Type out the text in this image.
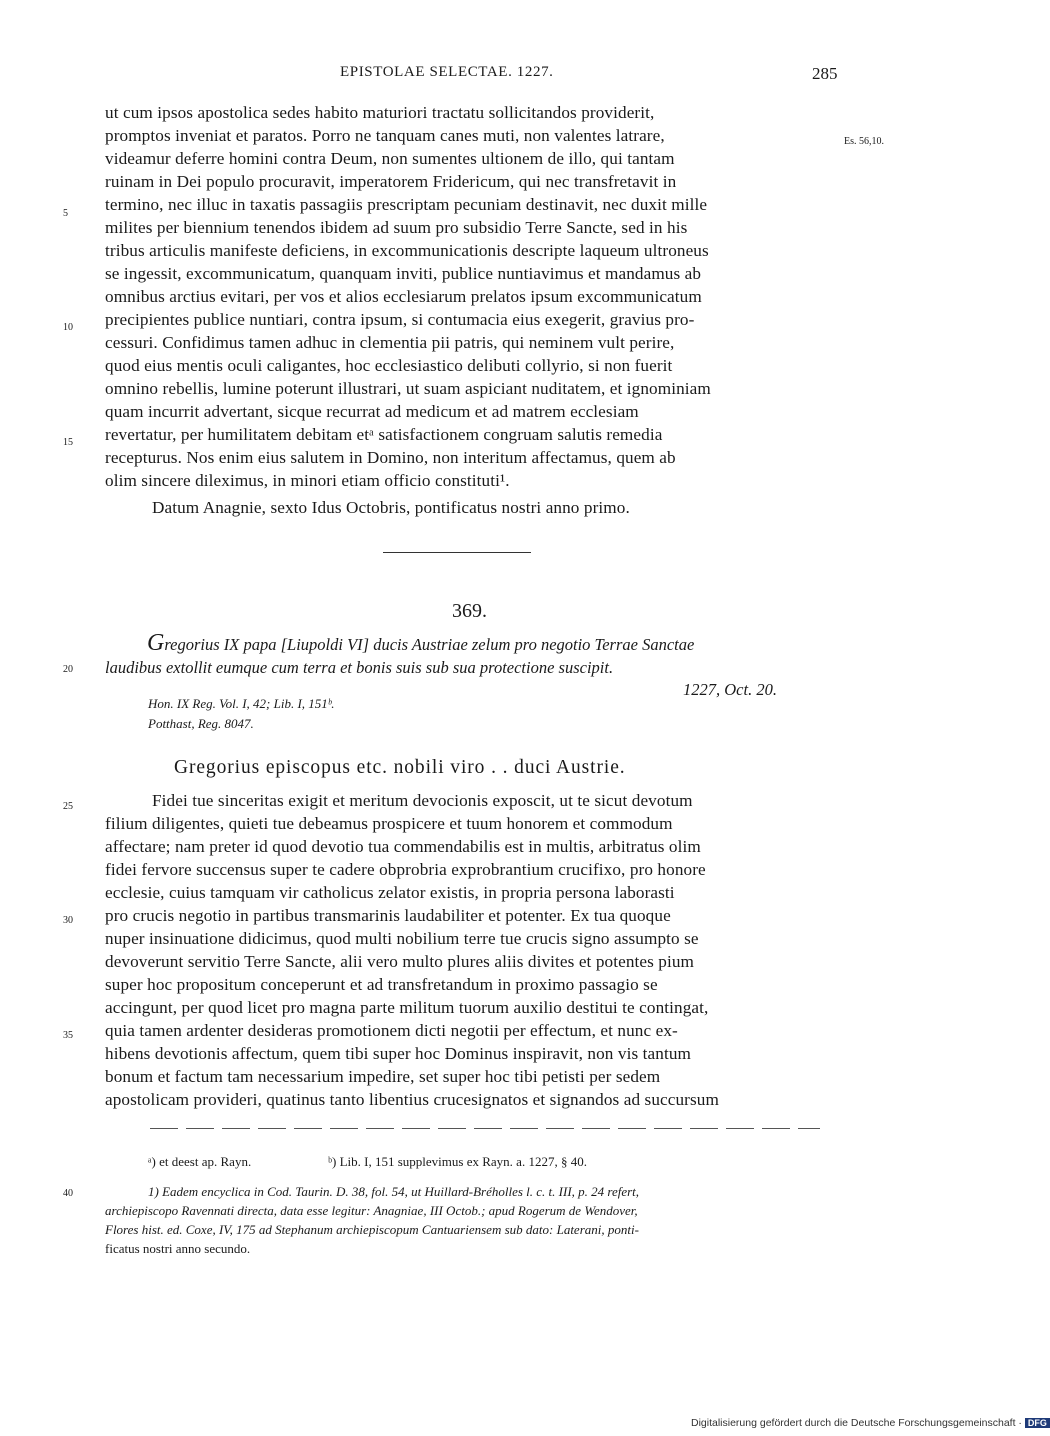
EPISTOLAE SELECTAE. 1227.	285
ut cum ipsos apostolica sedes habito maturiori tractatu sollicitandos providerit,
promptos inveniat et paratos. Porro ne tanquam canes muti, non valentes latrare,	Es. 56,10.
videamur deferre homini contra Deum, non sumentes ultionem de illo, qui tantam
ruinam in Dei populo procuravit, imperatorem Fridericum, qui nec transfretavit in
termino, nec illuc in taxatis passagiis prescriptam pecuniam destinavit, nec duxit mille
milites per biennium tenendos ibidem ad suum pro subsidio Terre Sancte, sed in his
tribus articulis manifeste deficiens, in excommunicationis descripte laqueum ultroneus
se ingessit, excommunicatum, quanquam inviti, publice nuntiavimus et mandamus ab
omnibus arctius evitari, per vos et alios ecclesiarum prelatos ipsum excommunicatum
precipientes publice nuntiari, contra ipsum, si contumacia eius exegerit, gravius pro-
cessuri. Confidimus tamen adhuc in clementia pii patris, qui neminem vult perire,
quod eius mentis oculi caligantes, hoc ecclesiastico delibuti collyrio, si non fuerit
omnino rebellis, lumine poterunt illustrari, ut suam aspiciant nuditatem, et ignominiam
quam incurrit advertant, sicque recurrat ad medicum et ad matrem ecclesiam
revertatur, per humilitatem debitam etᵃ satisfactionem congruam salutis remedia
recepturus. Nos enim eius salutem in Domino, non interitum affectamus, quem ab
olim sincere dileximus, in minori etiam officio constituti¹.
5
10
15
Datum Anagnie, sexto Idus Octobris, pontificatus nostri anno primo.
369.
Gregorius IX papa [Liupoldi VI] ducis Austriae zelum pro negotio Terrae Sanctae
laudibus extollit eumque cum terra et bonis suis sub sua protectione suscipit.
20
1227, Oct. 20.
Hon. IX Reg. Vol. I, 42; Lib. I, 151ᵇ.
Potthast, Reg. 8047.
Gregorius episcopus etc. nobili viro . . duci Austrie.
Fidei tue sinceritas exigit et meritum devocionis exposcit, ut te sicut devotum
filium diligentes, quieti tue debeamus prospicere et tuum honorem et commodum
affectare; nam preter id quod devotio tua commendabilis est in multis, arbitratus olim
fidei fervore succensus super te cadere obprobria exprobrantium crucifixo, pro honore
ecclesie, cuius tamquam vir catholicus zelator existis, in propria persona laborasti
pro crucis negotio in partibus transmarinis laudabiliter et potenter. Ex tua quoque
nuper insinuatione didicimus, quod multi nobilium terre tue crucis signo assumpto se
devoverunt servitio Terre Sancte, alii vero multo plures aliis divites et potentes pium
super hoc propositum conceperunt et ad transfretandum in proximo passagio se
accingunt, per quod licet pro magna parte militum tuorum auxilio destitui te contingat,
quia tamen ardenter desideras promotionem dicti negotii per effectum, et nunc ex-
hibens devotionis affectum, quem tibi super hoc Dominus inspiravit, non vis tantum
bonum et factum tam necessarium impedire, set super hoc tibi petisti per sedem
apostolicam provideri, quatinus tanto libentius crucesignatos et signandos ad succursum
25
30
35
ᵃ) et deest ap. Rayn.	ᵇ) Lib. I, 151 supplevimus ex Rayn. a. 1227, § 40.
40	1) Eadem encyclica in Cod. Taurin. D. 38, fol. 54, ut Huillard-Bréholles l. c. t. III, p. 24 refert,
archiepiscopo Ravennati directa, data esse legitur: Anagniae, III Octob.; apud Rogerum de Wendover,
Flores hist. ed. Coxe, IV, 175 ad Stephanum archiepiscopum Cantuariensem sub dato: Laterani, ponti-
ficatus nostri anno secundo.
Digitalisierung gefördert durch die Deutsche Forschungsgemeinschaft · DFG
